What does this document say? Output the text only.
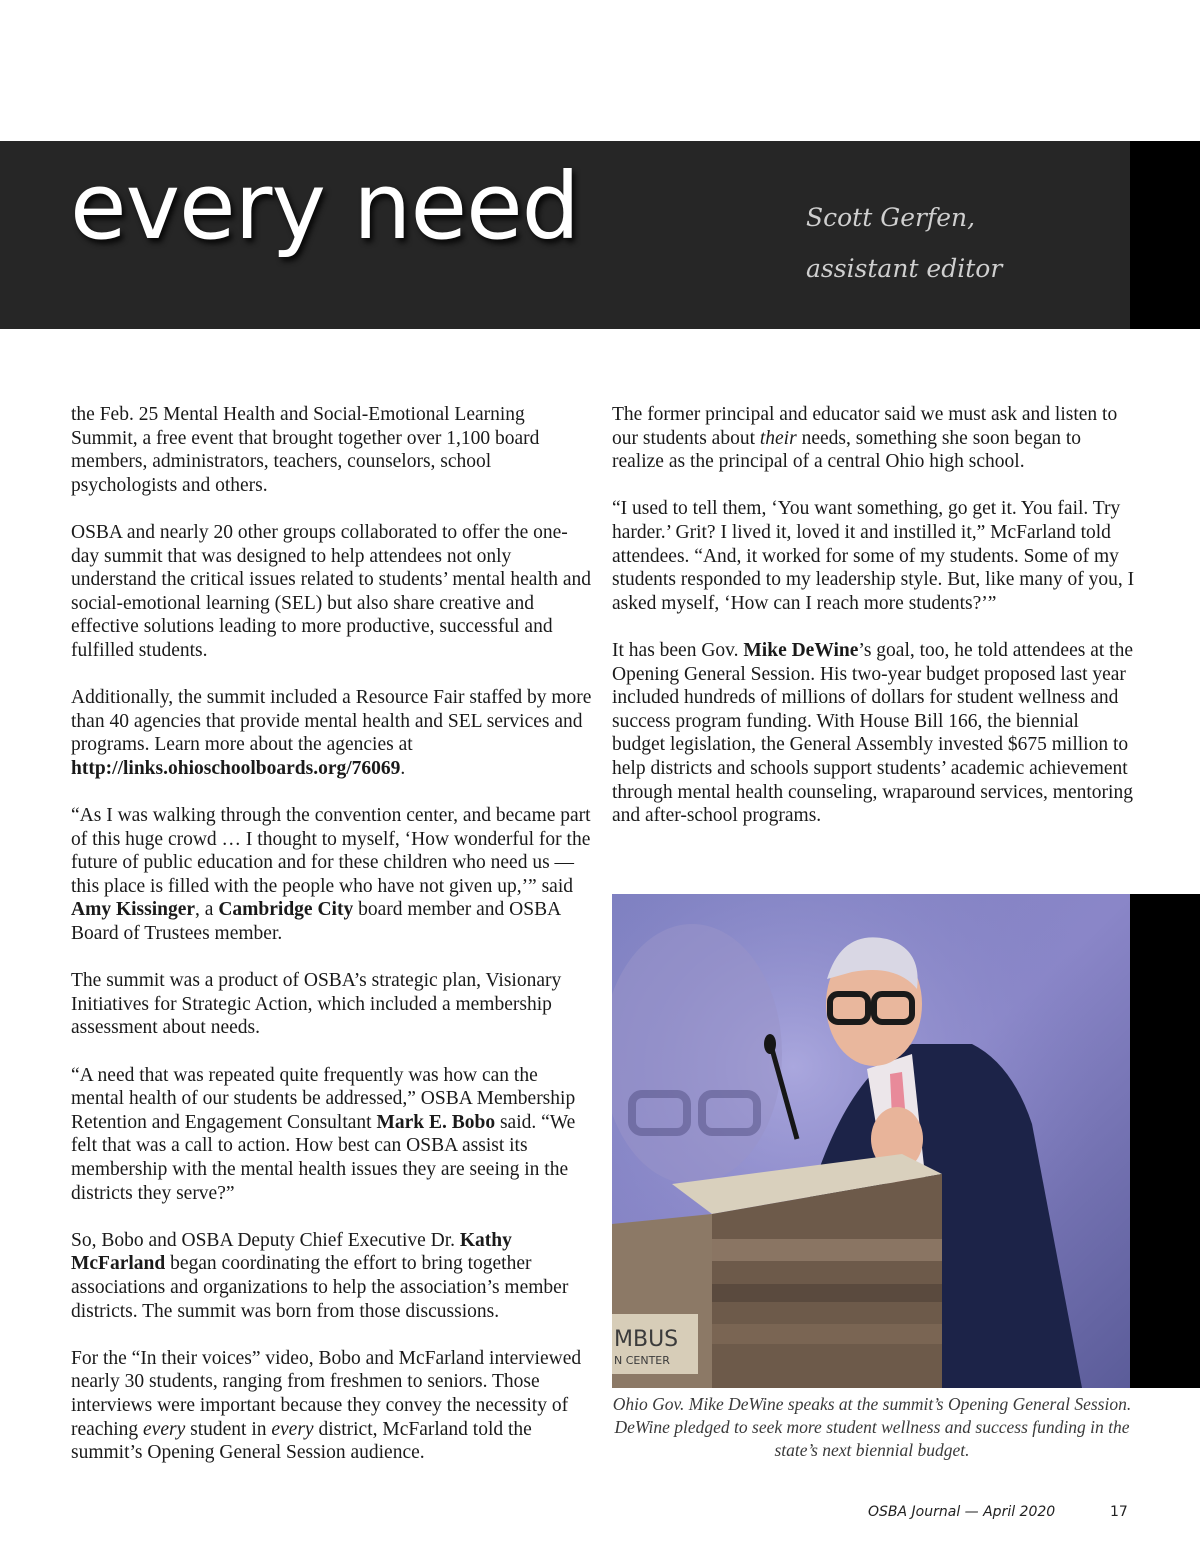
every need	Scott Gerfen,
assistant editor

the Feb. 25 Mental Health and Social-Emotional Learning Summit, a free event that brought together over 1,100 board members, administrators, teachers, counselors, school psychologists and others.

OSBA and nearly 20 other groups collaborated to offer the one-day summit that was designed to help attendees not only understand the critical issues related to students’ mental health and social-emotional learning (SEL) but also share creative and effective solutions leading to more productive, successful and fulfilled students.

Additionally, the summit included a Resource Fair staffed by more than 40 agencies that provide mental health and SEL services and programs. Learn more about the agencies at http://links.ohioschoolboards.org/76069.

“As I was walking through the convention center, and became part of this huge crowd … I thought to myself, ‘How wonderful for the future of public education and for these children who need us — this place is filled with the people who have not given up,’” said Amy Kissinger, a Cambridge City board member and OSBA Board of Trustees member.

The summit was a product of OSBA’s strategic plan, Visionary Initiatives for Strategic Action, which included a membership assessment about needs.

“A need that was repeated quite frequently was how can the mental health of our students be addressed,” OSBA Membership Retention and Engagement Consultant Mark E. Bobo said. “We felt that was a call to action. How best can OSBA assist its membership with the mental health issues they are seeing in the districts they serve?”

So, Bobo and OSBA Deputy Chief Executive Dr. Kathy McFarland began coordinating the effort to bring together associations and organizations to help the association’s member districts. The summit was born from those discussions.

For the “In their voices” video, Bobo and McFarland interviewed nearly 30 students, ranging from freshmen to seniors. Those interviews were important because they convey the necessity of reaching every student in every district, McFarland told the summit’s Opening General Session audience.

The former principal and educator said we must ask and listen to our students about their needs, something she soon began to realize as the principal of a central Ohio high school.

“I used to tell them, ‘You want something, go get it. You fail. Try harder.’ Grit? I lived it, loved it and instilled it,” McFarland told attendees. “And, it worked for some of my students. Some of my students responded to my leadership style. But, like many of you, I asked myself, ‘How can I reach more students?’”

It has been Gov. Mike DeWine’s goal, too, he told attendees at the Opening General Session. His two-year budget proposed last year included hundreds of millions of dollars for student wellness and success program funding. With House Bill 166, the biennial budget legislation, the General Assembly invested $675 million to help districts and schools support students’ academic achievement through mental health counseling, wraparound services, mentoring and after-school programs.

MBUS
N CENTER
Ohio Gov. Mike DeWine speaks at the summit’s Opening General Session. DeWine pledged to seek more student wellness and success funding in the state’s next biennial budget.
OSBA Journal — April 2020	17
